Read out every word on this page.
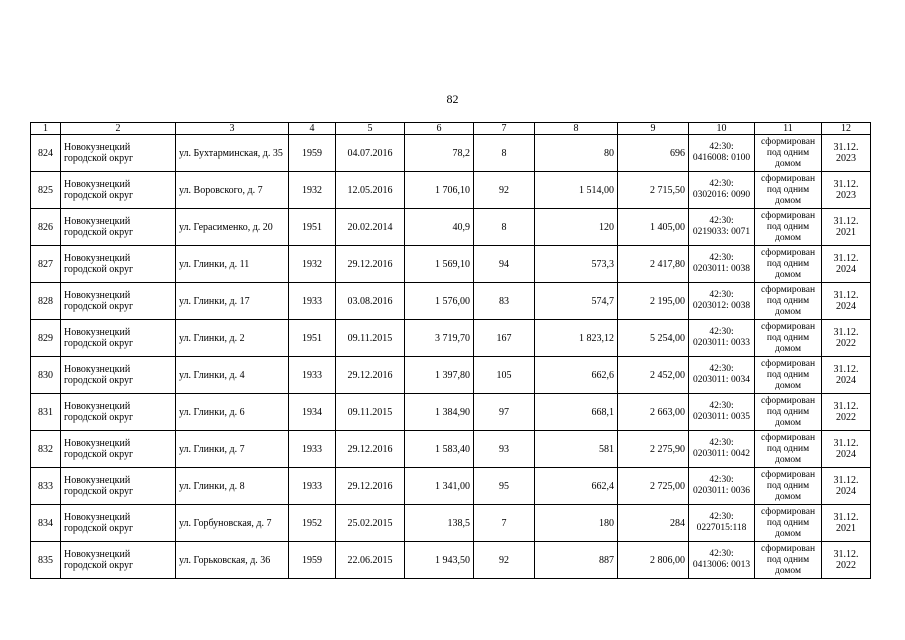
82
1	2	3	4	5	6	7	8	9	10	11	12
824	Новокузнецкий городской округ	ул. Бухтарминская, д. 35	1959	04.07.2016	78,2	8	80	696	42:30: 0416008: 0100	сформирован под одним домом	31.12. 2023
825	Новокузнецкий городской округ	ул. Воровского, д. 7	1932	12.05.2016	1 706,10	92	1 514,00	2 715,50	42:30: 0302016: 0090	сформирован под одним домом	31.12. 2023
826	Новокузнецкий городской округ	ул. Герасименко, д. 20	1951	20.02.2014	40,9	8	120	1 405,00	42:30: 0219033: 0071	сформирован под одним домом	31.12. 2021
827	Новокузнецкий городской округ	ул. Глинки, д. 11	1932	29.12.2016	1 569,10	94	573,3	2 417,80	42:30: 0203011: 0038	сформирован под одним домом	31.12. 2024
828	Новокузнецкий городской округ	ул. Глинки, д. 17	1933	03.08.2016	1 576,00	83	574,7	2 195,00	42:30: 0203012: 0038	сформирован под одним домом	31.12. 2024
829	Новокузнецкий городской округ	ул. Глинки, д. 2	1951	09.11.2015	3 719,70	167	1 823,12	5 254,00	42:30: 0203011: 0033	сформирован под одним домом	31.12. 2022
830	Новокузнецкий городской округ	ул. Глинки, д. 4	1933	29.12.2016	1 397,80	105	662,6	2 452,00	42:30: 0203011: 0034	сформирован под одним домом	31.12. 2024
831	Новокузнецкий городской округ	ул. Глинки, д. 6	1934	09.11.2015	1 384,90	97	668,1	2 663,00	42:30: 0203011: 0035	сформирован под одним домом	31.12. 2022
832	Новокузнецкий городской округ	ул. Глинки, д. 7	1933	29.12.2016	1 583,40	93	581	2 275,90	42:30: 0203011: 0042	сформирован под одним домом	31.12. 2024
833	Новокузнецкий городской округ	ул. Глинки, д. 8	1933	29.12.2016	1 341,00	95	662,4	2 725,00	42:30: 0203011: 0036	сформирован под одним домом	31.12. 2024
834	Новокузнецкий городской округ	ул. Горбуновская, д. 7	1952	25.02.2015	138,5	7	180	284	42:30: 0227015:118	сформирован под одним домом	31.12. 2021
835	Новокузнецкий городской округ	ул. Горьковская, д. 36	1959	22.06.2015	1 943,50	92	887	2 806,00	42:30: 0413006: 0013	сформирован под одним домом	31.12. 2022
